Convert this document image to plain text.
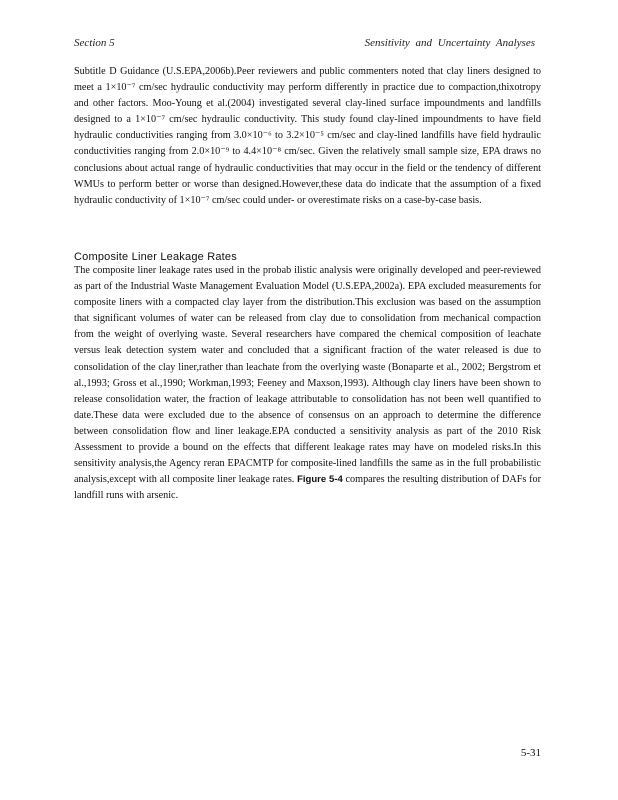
Section 5	Sensitivity and Uncertainty Analyses
Subtitle D Guidance (U.S.EPA,2006b).Peer reviewers and public commenters noted that clay liners designed to meet a 1×10⁻⁷ cm/sec hydraulic conductivity may perform differently in practice due to compaction,thixotropy and other factors. Moo-Young et al.(2004) investigated several clay-lined surface impoundments and landfills designed to a 1×10⁻⁷ cm/sec hydraulic conductivity. This study found clay-lined impoundments to have field hydraulic conductivities ranging from 3.0×10⁻⁶ to 3.2×10⁻⁵ cm/sec and clay-lined landfills have field hydraulic conductivities ranging from 2.0×10⁻⁹ to 4.4×10⁻⁸ cm/sec. Given the relatively small sample size, EPA draws no conclusions about actual range of hydraulic conductivities that may occur in the field or the tendency of different WMUs to perform better or worse than designed.However,these data do indicate that the assumption of a fixed hydraulic conductivity of 1×10⁻⁷ cm/sec could under- or overestimate risks on a case-by-case basis.
Composite Liner Leakage Rates
The composite liner leakage rates used in the probab ilistic analysis were originally developed and peer-reviewed as part of the Industrial Waste Management Evaluation Model (U.S.EPA,2002a). EPA excluded measurements for composite liners with a compacted clay layer from the distribution.This exclusion was based on the assumption that significant volumes of water can be released from clay due to consolidation from mechanical compaction from the weight of overlying waste. Several researchers have compared the chemical composition of leachate versus leak detection system water and concluded that a significant fraction of the water released is due to consolidation of the clay liner,rather than leachate from the overlying waste (Bonaparte et al., 2002; Bergstrom et al.,1993; Gross et al.,1990; Workman,1993; Feeney and Maxson,1993). Although clay liners have been shown to release consolidation water, the fraction of leakage attributable to consolidation has not been well quantified to date.These data were excluded due to the absence of consensus on an approach to determine the difference between consolidation flow and liner leakage.EPA conducted a sensitivity analysis as part of the 2010 Risk Assessment to provide a bound on the effects that different leakage rates may have on modeled risks.In this sensitivity analysis,the Agency reran EPACMTP for composite-lined landfills the same as in the full probabilistic analysis,except with all composite liner leakage rates. Figure 5-4 compares the resulting distribution of DAFs for landfill runs with arsenic.
5-31
